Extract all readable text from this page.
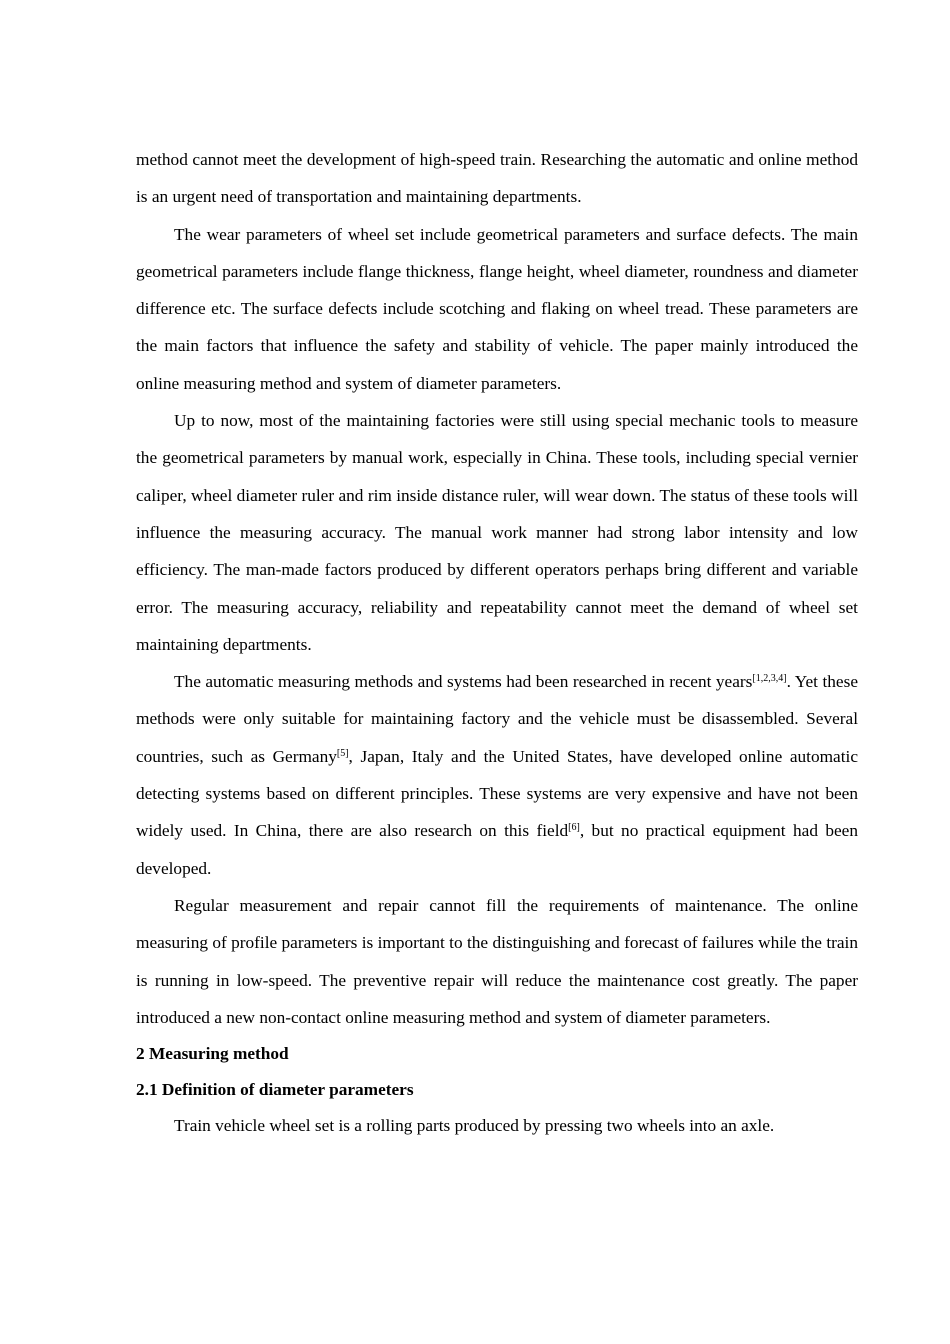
method cannot meet the development of high-speed train. Researching the automatic and online method is an urgent need of transportation and maintaining departments.

The wear parameters of wheel set include geometrical parameters and surface defects. The main geometrical parameters include flange thickness, flange height, wheel diameter, roundness and diameter difference etc. The surface defects include scotching and flaking on wheel tread. These parameters are the main factors that influence the safety and stability of vehicle. The paper mainly introduced the online measuring method and system of diameter parameters.

Up to now, most of the maintaining factories were still using special mechanic tools to measure the geometrical parameters by manual work, especially in China. These tools, including special vernier caliper, wheel diameter ruler and rim inside distance ruler, will wear down. The status of these tools will influence the measuring accuracy. The manual work manner had strong labor intensity and low efficiency. The man-made factors produced by different operators perhaps bring different and variable error. The measuring accuracy, reliability and repeatability cannot meet the demand of wheel set maintaining departments.

The automatic measuring methods and systems had been researched in recent years[1,2,3,4]. Yet these methods were only suitable for maintaining factory and the vehicle must be disassembled. Several countries, such as Germany[5], Japan, Italy and the United States, have developed online automatic detecting systems based on different principles. These systems are very expensive and have not been widely used. In China, there are also research on this field[6], but no practical equipment had been developed.

Regular measurement and repair cannot fill the requirements of maintenance. The online measuring of profile parameters is important to the distinguishing and forecast of failures while the train is running in low-speed. The preventive repair will reduce the maintenance cost greatly. The paper introduced a new non-contact online measuring method and system of diameter parameters.

2 Measuring method
2.1 Definition of diameter parameters

Train vehicle wheel set is a rolling parts produced by pressing two wheels into an axle.
